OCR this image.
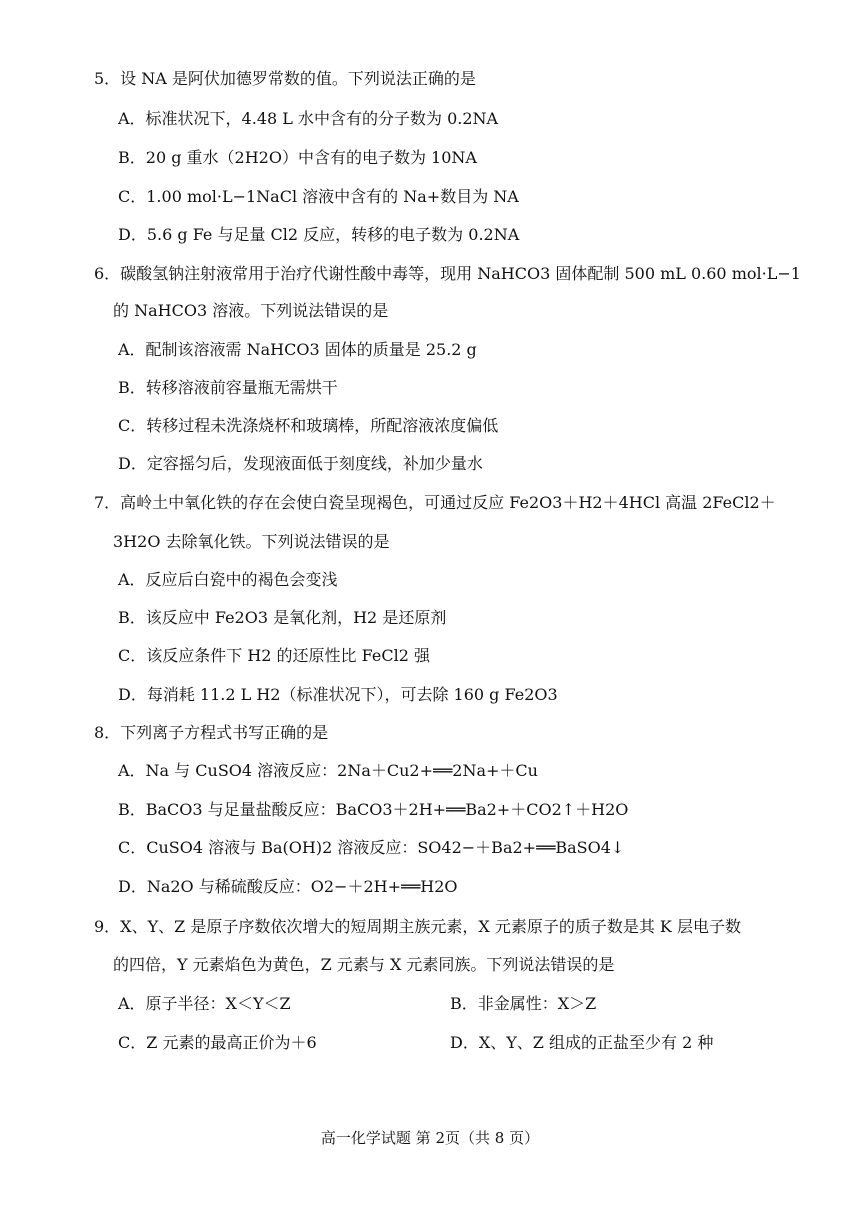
5．设 NA 是阿伏加德罗常数的值。下列说法正确的是
A．标准状况下，4.48 L 水中含有的分子数为 0.2NA
B．20 g 重水（2H2O）中含有的电子数为 10NA
C．1.00 mol·L−1NaCl 溶液中含有的 Na+数目为 NA
D．5.6 g Fe 与足量 Cl2 反应，转移的电子数为 0.2NA
6．碳酸氢钠注射液常用于治疗代谢性酸中毒等，现用 NaHCO3 固体配制 500 mL 0.60 mol·L−1
的 NaHCO3 溶液。下列说法错误的是
A．配制该溶液需 NaHCO3 固体的质量是 25.2 g
B．转移溶液前容量瓶无需烘干
C．转移过程未洗涤烧杯和玻璃棒，所配溶液浓度偏低
D．定容摇匀后，发现液面低于刻度线，补加少量水
7．高岭土中氧化铁的存在会使白瓷呈现褐色，可通过反应 Fe2O3＋H2＋4HCl 高温 2FeCl2＋
3H2O 去除氧化铁。下列说法错误的是
A．反应后白瓷中的褐色会变浅
B．该反应中 Fe2O3 是氧化剂，H2 是还原剂
C．该反应条件下 H2 的还原性比 FeCl2 强
D．每消耗 11.2 L H2（标准状况下），可去除 160 g Fe2O3
8．下列离子方程式书写正确的是
A．Na 与 CuSO4 溶液反应：2Na＋Cu2+══2Na+＋Cu
B．BaCO3 与足量盐酸反应：BaCO3＋2H+══Ba2+＋CO2↑＋H2O
C．CuSO4 溶液与 Ba(OH)2 溶液反应：SO42−＋Ba2+══BaSO4↓
D．Na2O 与稀硫酸反应：O2−＋2H+══H2O
9．X、Y、Z 是原子序数依次增大的短周期主族元素，X 元素原子的质子数是其 K 层电子数
的四倍，Y 元素焰色为黄色，Z 元素与 X 元素同族。下列说法错误的是
A．原子半径：X＜Y＜Z	B．非金属性：X＞Z
C．Z 元素的最高正价为＋6	D．X、Y、Z 组成的正盐至少有 2 种
高一化学试题 第 2页（共 8 页）
